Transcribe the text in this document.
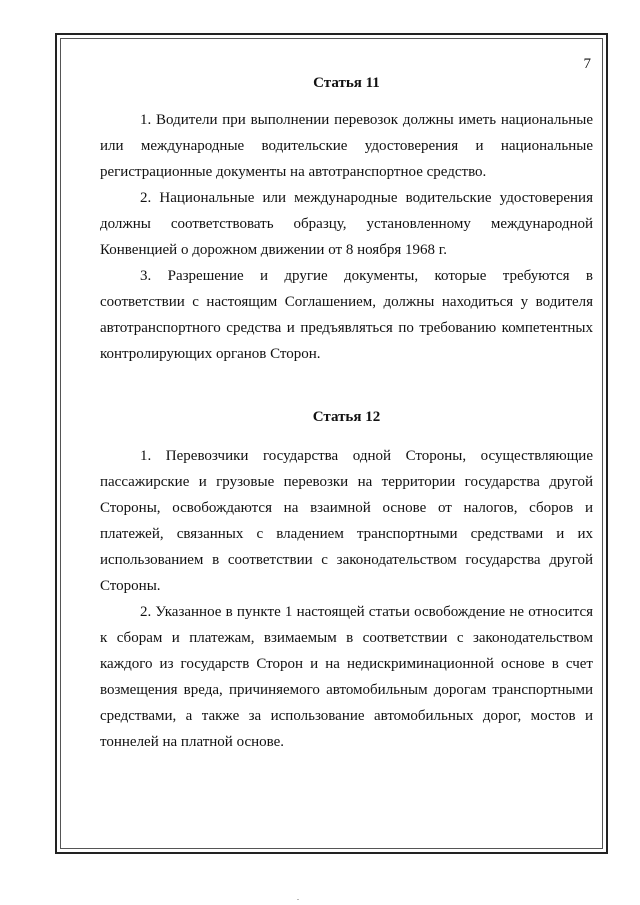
7
Статья 11

1. Водители при выполнении перевозок должны иметь национальные или международные водительские удостоверения и национальные регистрационные документы на автотранспортное средство.

2. Национальные или международные водительские удостоверения должны соответствовать образцу, установленному международной Конвенцией о дорожном движении от 8 ноября 1968 г.

3. Разрешение и другие документы, которые требуются в соответствии с настоящим Соглашением, должны находиться у водителя автотранспортного средства и предъявляться по требованию компетентных контролирующих органов Сторон.

Статья 12

1. Перевозчики государства одной Стороны, осуществляющие пассажирские и грузовые перевозки на территории государства другой Стороны, освобождаются на взаимной основе от налогов, сборов и платежей, связанных с владением транспортными средствами и их использованием в соответствии с законодательством государства другой Стороны.

2. Указанное в пункте 1 настоящей статьи освобождение не относится к сборам и платежам, взимаемым в соответствии с законодательством каждого из государств Сторон и на недискриминационной основе в счет возмещения вреда, причиняемого автомобильным дорогам транспортными средствами, а также за использование автомобильных дорог, мостов и тоннелей на платной основе.

.
